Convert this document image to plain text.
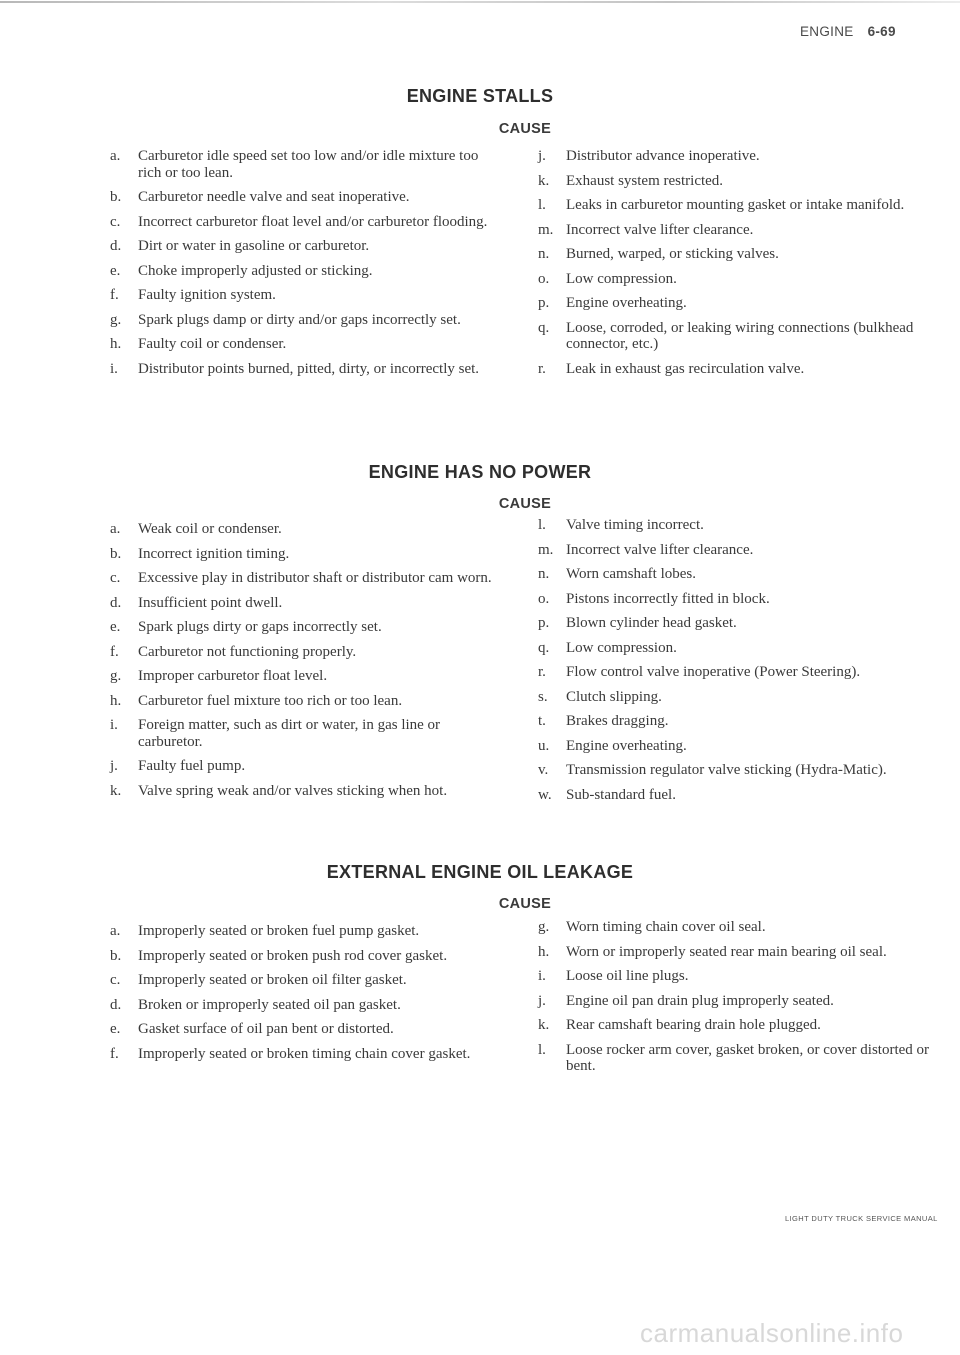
ENGINE 6-69
ENGINE STALLS
CAUSE
a. Carburetor idle speed set too low and/or idle mixture too rich or too lean.
b. Carburetor needle valve and seat inoperative.
c. Incorrect carburetor float level and/or carburetor flooding.
d. Dirt or water in gasoline or carburetor.
e. Choke improperly adjusted or sticking.
f. Faulty ignition system.
g. Spark plugs damp or dirty and/or gaps incorrectly set.
h. Faulty coil or condenser.
i. Distributor points burned, pitted, dirty, or incorrectly set.
j. Distributor advance inoperative.
k. Exhaust system restricted.
l. Leaks in carburetor mounting gasket or intake manifold.
m. Incorrect valve lifter clearance.
n. Burned, warped, or sticking valves.
o. Low compression.
p. Engine overheating.
q. Loose, corroded, or leaking wiring connections (bulkhead connector, etc.)
r. Leak in exhaust gas recirculation valve.
ENGINE HAS NO POWER
CAUSE
a. Weak coil or condenser.
b. Incorrect ignition timing.
c. Excessive play in distributor shaft or distributor cam worn.
d. Insufficient point dwell.
e. Spark plugs dirty or gaps incorrectly set.
f. Carburetor not functioning properly.
g. Improper carburetor float level.
h. Carburetor fuel mixture too rich or too lean.
i. Foreign matter, such as dirt or water, in gas line or carburetor.
j. Faulty fuel pump.
k. Valve spring weak and/or valves sticking when hot.
l. Valve timing incorrect.
m. Incorrect valve lifter clearance.
n. Worn camshaft lobes.
o. Pistons incorrectly fitted in block.
p. Blown cylinder head gasket.
q. Low compression.
r. Flow control valve inoperative (Power Steering).
s. Clutch slipping.
t. Brakes dragging.
u. Engine overheating.
v. Transmission regulator valve sticking (Hydra-Matic).
w. Sub-standard fuel.
EXTERNAL ENGINE OIL LEAKAGE
CAUSE
a. Improperly seated or broken fuel pump gasket.
b. Improperly seated or broken push rod cover gasket.
c. Improperly seated or broken oil filter gasket.
d. Broken or improperly seated oil pan gasket.
e. Gasket surface of oil pan bent or distorted.
f. Improperly seated or broken timing chain cover gasket.
g. Worn timing chain cover oil seal.
h. Worn or improperly seated rear main bearing oil seal.
i. Loose oil line plugs.
j. Engine oil pan drain plug improperly seated.
k. Rear camshaft bearing drain hole plugged.
l. Loose rocker arm cover, gasket broken, or cover distorted or bent.
LIGHT DUTY TRUCK SERVICE MANUAL
carmanualsonline.info
